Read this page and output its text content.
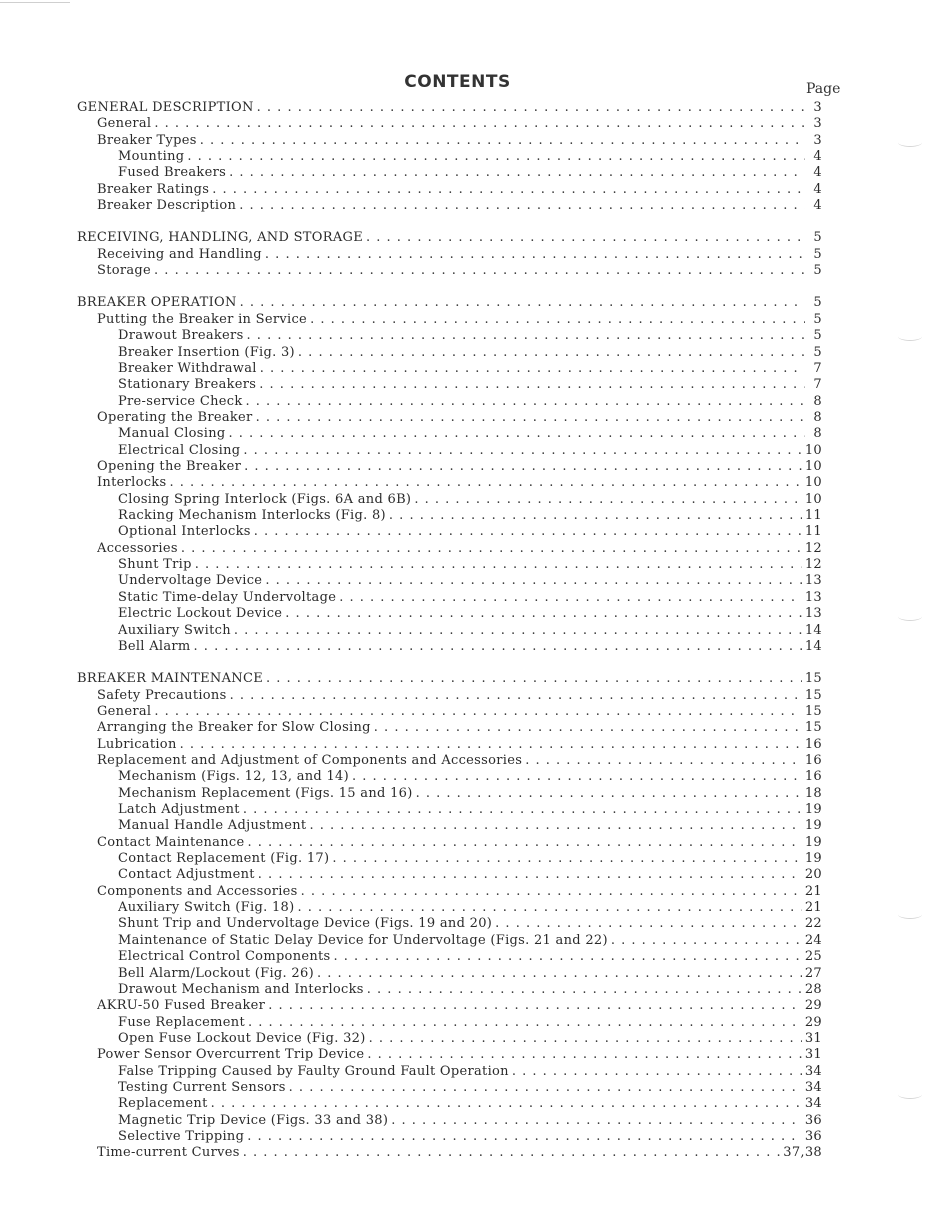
CONTENTS	Page
GENERAL DESCRIPTION . . .	3
General . . .	3
Breaker Types . . .	3
Mounting . . .	4
Fused Breakers . . .	4
Breaker Ratings . . .	4
Breaker Description . . .	4
RECEIVING, HANDLING, AND STORAGE . . .	5
Receiving and Handling . . .	5
Storage . . .	5
BREAKER OPERATION . . .	5
Putting the Breaker in Service . . .	5
Drawout Breakers . . .	5
Breaker Insertion (Fig. 3) . . .	5
Breaker Withdrawal . . .	7
Stationary Breakers . . .	7
Pre-service Check . . .	8
Operating the Breaker . . .	8
Manual Closing . . .	8
Electrical Closing . . .	10
Opening the Breaker . . .	10
Interlocks . . .	10
Closing Spring Interlock (Figs. 6A and 6B) . . .	10
Racking Mechanism Interlocks (Fig. 8) . . .	11
Optional Interlocks . . .	11
Accessories . . .	12
Shunt Trip . . .	12
Undervoltage Device . . .	13
Static Time-delay Undervoltage . . .	13
Electric Lockout Device . . .	13
Auxiliary Switch . . .	14
Bell Alarm . . .	14
BREAKER MAINTENANCE . . .	15
Safety Precautions . . .	15
General . . .	15
Arranging the Breaker for Slow Closing . . .	15
Lubrication . . .	16
Replacement and Adjustment of Components and Accessories . . .	16
Mechanism (Figs. 12, 13, and 14) . . .	16
Mechanism Replacement (Figs. 15 and 16) . . .	18
Latch Adjustment . . .	19
Manual Handle Adjustment . . .	19
Contact Maintenance . . .	19
Contact Replacement (Fig. 17) . . .	19
Contact Adjustment . . .	20
Components and Accessories . . .	21
Auxiliary Switch (Fig. 18) . . .	21
Shunt Trip and Undervoltage Device (Figs. 19 and 20) . . .	22
Maintenance of Static Delay Device for Undervoltage (Figs. 21 and 22) . . .	24
Electrical Control Components . . .	25
Bell Alarm/Lockout (Fig. 26) . . .	27
Drawout Mechanism and Interlocks . . .	28
AKRU-50 Fused Breaker . . .	29
Fuse Replacement . . .	29
Open Fuse Lockout Device (Fig. 32) . . .	31
Power Sensor Overcurrent Trip Device . . .	31
False Tripping Caused by Faulty Ground Fault Operation . . .	34
Testing Current Sensors . . .	34
Replacement . . .	34
Magnetic Trip Device (Figs. 33 and 38) . . .	36
Selective Tripping . . .	36
Time-current Curves . . .	37,38
